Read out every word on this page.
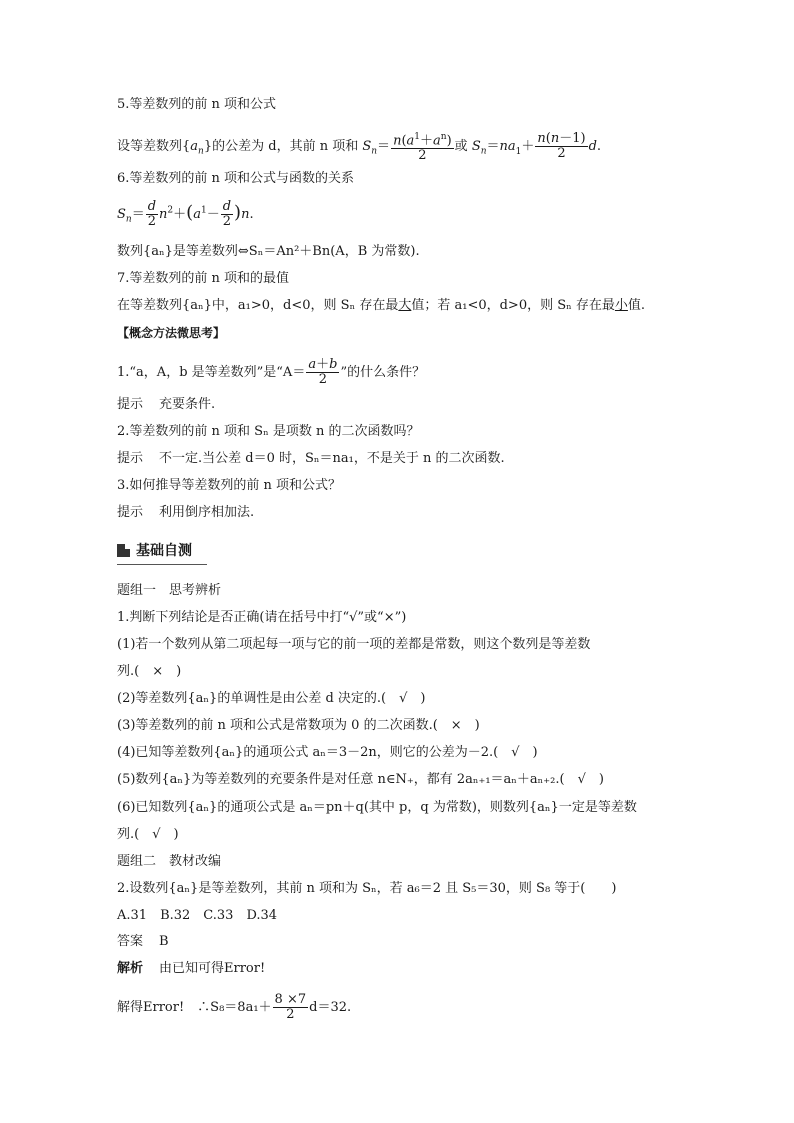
5.等差数列的前 n 项和公式
设等差数列$\{a_n\}$的公差为 d，其前 n 项和 $S_n= \frac{n(a^1+a^n)}{2}$ 或 $S_n=na_1+ \frac{n(n-1)}{2} d$.
6.等差数列的前 n 项和公式与函数的关系
$S_n= \frac{d}{2} n^2+(a^1- \frac{d}{2} )n$.
数列{aₙ}是等差数列⇔Sₙ＝An²＋Bn(A，B 为常数).
7.等差数列的前 n 项和的最值
在等差数列{aₙ}中，a₁>0，d<0，则 Sₙ 存在最大值；若 a₁<0，d>0，则 Sₙ 存在最小值.
【概念方法微思考】
1.“a，A，b 是等差数列”是“$A= \frac{a+b}{2}$ ”的什么条件？
提示 充要条件.
2.等差数列的前 n 项和 Sₙ 是项数 n 的二次函数吗？
提示 不一定.当公差 d＝0 时，Sₙ＝na₁，不是关于 n 的二次函数.
3.如何推导等差数列的前 n 项和公式？
提示 利用倒序相加法.
基础自测
题组一　思考辨析
1.判断下列结论是否正确(请在括号中打“√”或“×”)
(1)若一个数列从第二项起每一项与它的前一项的差都是常数，则这个数列是等差数
列.(　×　)
(2)等差数列{aₙ}的单调性是由公差 d 决定的.(　√　)
(3)等差数列的前 n 项和公式是常数项为 0 的二次函数.(　×　)
(4)已知等差数列{aₙ}的通项公式 aₙ＝3－2n，则它的公差为－2.(　√　)
(5)数列{aₙ}为等差数列的充要条件是对任意 n∈N₊，都有 2aₙ₊₁＝aₙ＋aₙ₊₂.(　√　)
(6)已知数列{aₙ}的通项公式是 aₙ＝pn＋q(其中 p，q 为常数)，则数列{aₙ}一定是等差数
列.(　√　)
题组二　教材改编
2.设数列{aₙ}是等差数列，其前 n 项和为 Sₙ，若 a₆＝2 且 S₅＝30，则 S₈ 等于(　　)
A.31　B.32　C.33　D.34
答案 B
解析 由已知可得Error!
解得Error!　∴S₈＝8a₁＋ $\frac{8 \times 7}{2} d=32$.
